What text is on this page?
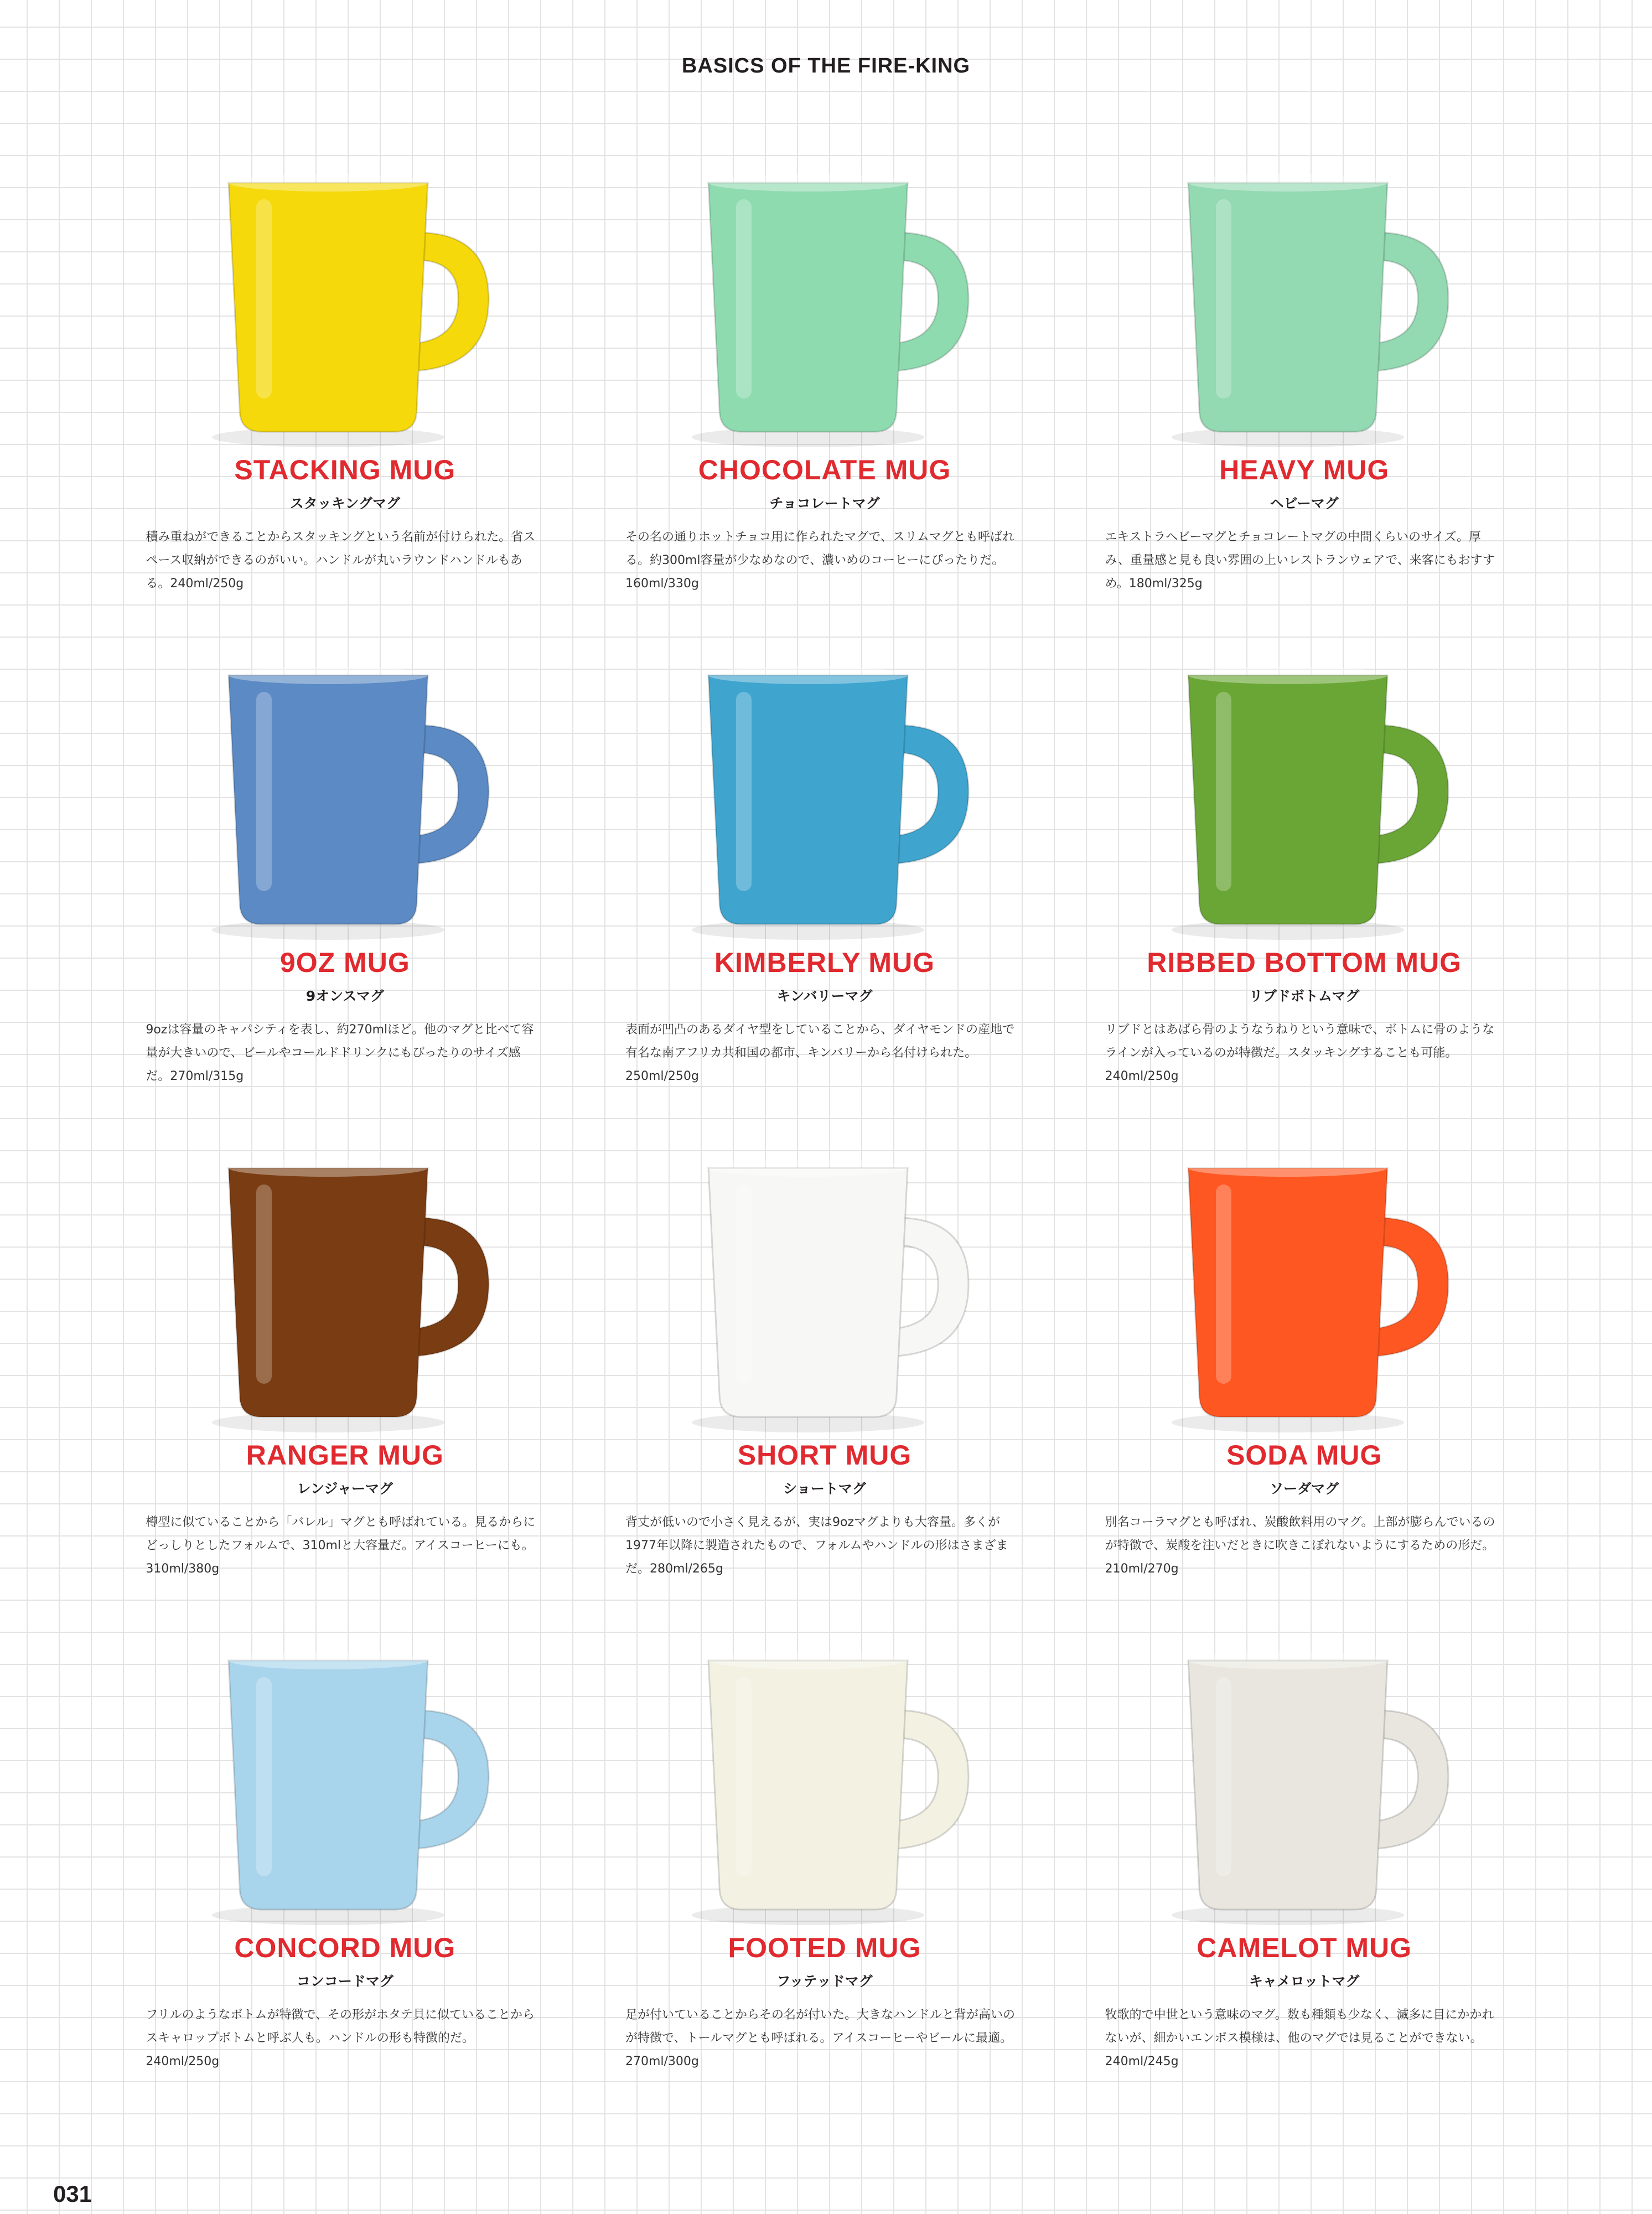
BASICS OF THE FIRE-KING
STACKING MUG
スタッキングマグ
積み重ねができることからスタッキングという名前が付けられた。省スペース収納ができるのがいい。ハンドルが丸いラウンドハンドルもある。240ml/250g
CHOCOLATE MUG
チョコレートマグ
その名の通りホットチョコ用に作られたマグで、スリムマグとも呼ばれる。約300ml容量が少なめなので、濃いめのコーヒーにぴったりだ。160ml/330g
HEAVY MUG
ヘビーマグ
エキストラヘビーマグとチョコレートマグの中間くらいのサイズ。厚み、重量感と見も良い雰囲の上いレストランウェアで、来客にもおすすめ。180ml/325g
9OZ MUG
9オンスマグ
9ozは容量のキャパシティを表し、約270mlほど。他のマグと比べて容量が大きいので、ビールやコールドドリンクにもぴったりのサイズ感だ。270ml/315g
KIMBERLY MUG
キンバリーマグ
表面が凹凸のあるダイヤ型をしていることから、ダイヤモンドの産地で有名な南アフリカ共和国の都市、キンバリーから名付けられた。250ml/250g
RIBBED BOTTOM MUG
リブドボトムマグ
リブドとはあばら骨のようなうねりという意味で、ボトムに骨のようなラインが入っているのが特徴だ。スタッキングすることも可能。240ml/250g
RANGER MUG
レンジャーマグ
樽型に似ていることから「バレル」マグとも呼ばれている。見るからにどっしりとしたフォルムで、310mlと大容量だ。アイスコーヒーにも。310ml/380g
SHORT MUG
ショートマグ
背丈が低いので小さく見えるが、実は9ozマグよりも大容量。多くが1977年以降に製造されたもので、フォルムやハンドルの形はさまざまだ。280ml/265g
SODA MUG
ソーダマグ
別名コーラマグとも呼ばれ、炭酸飲料用のマグ。上部が膨らんでいるのが特徴で、炭酸を注いだときに吹きこぼれないようにするための形だ。210ml/270g
CONCORD MUG
コンコードマグ
フリルのようなボトムが特徴で、その形がホタテ貝に似ていることからスキャロップボトムと呼ぶ人も。ハンドルの形も特徴的だ。240ml/250g
FOOTED MUG
フッテッドマグ
足が付いていることからその名が付いた。大きなハンドルと背が高いのが特徴で、トールマグとも呼ばれる。アイスコーヒーやビールに最適。270ml/300g
CAMELOT MUG
キャメロットマグ
牧歌的で中世という意味のマグ。数も種類も少なく、滅多に目にかかれないが、細かいエンボス模様は、他のマグでは見ることができない。240ml/245g
031
